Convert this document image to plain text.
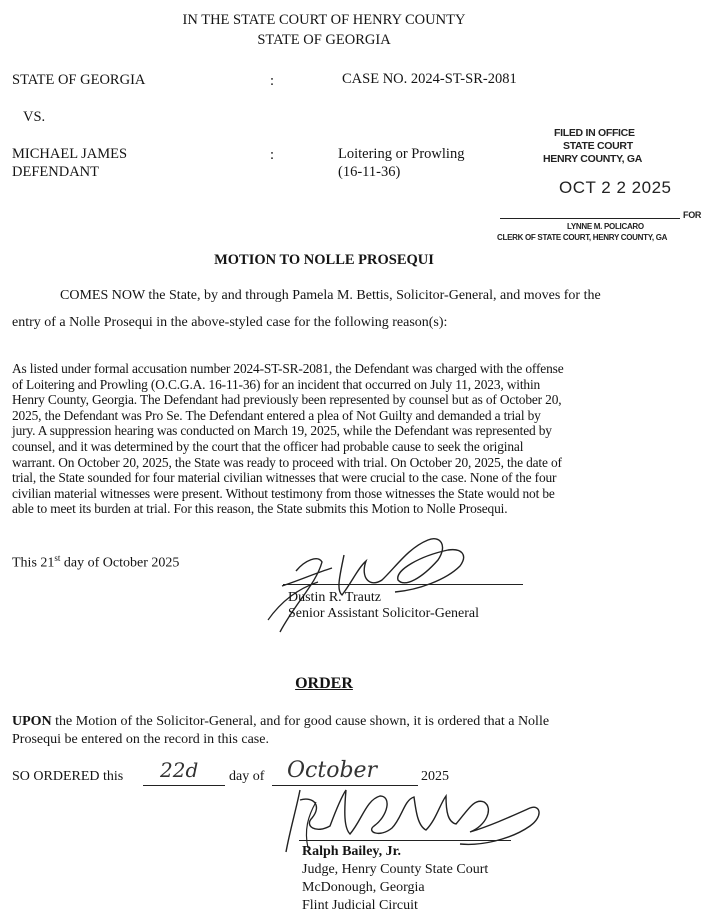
IN THE STATE COURT OF HENRY COUNTY
STATE OF GEORGIA
STATE OF GEORGIA	:	CASE NO. 2024-ST-SR-2081
VS.
MICHAEL JAMES
DEFENDANT
:	Loitering or Prowling
(16-11-36)
FILED IN OFFICE
STATE COURT
HENRY COUNTY, GA
OCT 2 2 2025
FOR
LYNNE M. POLICARO
CLERK OF STATE COURT, HENRY COUNTY, GA
MOTION TO NOLLE PROSEQUI
COMES NOW the State, by and through Pamela M. Bettis, Solicitor-General, and moves for the
entry of a Nolle Prosequi in the above-styled case for the following reason(s):
As listed under formal accusation number 2024-ST-SR-2081, the Defendant was charged with the offense
of Loitering and Prowling (O.C.G.A. 16-11-36) for an incident that occurred on July 11, 2023, within
Henry County, Georgia. The Defendant had previously been represented by counsel but as of October 20,
2025, the Defendant was Pro Se. The Defendant entered a plea of Not Guilty and demanded a trial by
jury. A suppression hearing was conducted on March 19, 2025, while the Defendant was represented by
counsel, and it was determined by the court that the officer had probable cause to seek the original
warrant. On October 20, 2025, the State was ready to proceed with trial. On October 20, 2025, the date of
trial, the State sounded for four material civilian witnesses that were crucial to the case. None of the four
civilian material witnesses were present. Without testimony from those witnesses the State would not be
able to meet its burden at trial. For this reason, the State submits this Motion to Nolle Prosequi.
This 21st day of October 2025
Dustin R. Trautz
Senior Assistant Solicitor-General
ORDER
UPON the Motion of the Solicitor-General, and for good cause shown, it is ordered that a Nolle
Prosequi be entered on the record in this case.
SO ORDERED this 22d day of October	2025
Ralph Bailey, Jr.
Judge, Henry County State Court
McDonough, Georgia
Flint Judicial Circuit
